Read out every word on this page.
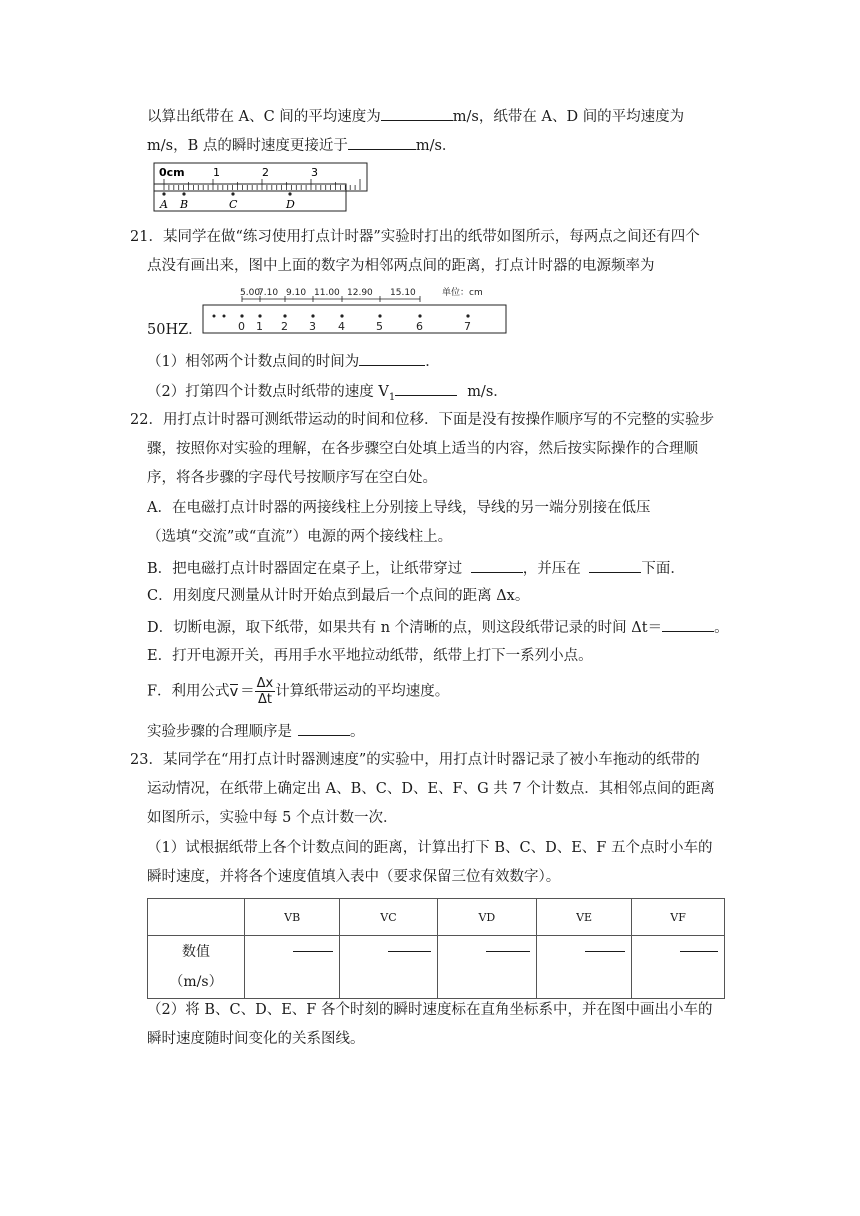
以算出纸带在 A、C 间的平均速度为	m/s，纸带在 A、D 间的平均速度为
m/s，B 点的瞬时速度更接近于	m/s．
0cm	1	2	3
A B	C	D
21．某同学在做“练习使用打点计时器”实验时打出的纸带如图所示，每两点之间还有四个
点没有画出来，图中上面的数字为相邻两点间的距离，打点计时器的电源频率为
50HZ．
5.00
7.10 9.10 11.00 12.90 15.10	单位：cm
0 1 2 3 4	5	6	7
（1）相邻两个计数点间的时间为	．
（2）打第四个计数点时纸带的速度 $V_1$	m/s．
22．用打点计时器可测纸带运动的时间和位移．下面是没有按操作顺序写的不完整的实验步
骤，按照你对实验的理解，在各步骤空白处填上适当的内容，然后按实际操作的合理顺
序，将各步骤的字母代号按顺序写在空白处。
A．在电磁打点计时器的两接线柱上分别接上导线，导线的另一端分别接在低压
（选填“交流”或“直流”）电源的两个接线柱上。
B．把电磁打点计时器固定在桌子上，让纸带穿过	，并压在	下面．
C．用刻度尺测量从计时开始点到最后一个点间的距离 Δx。
D．切断电源，取下纸带，如果共有 n 个清晰的点，则这段纸带记录的时间 Δt＝	。
E．打开电源开关，再用手水平地拉动纸带，纸带上打下一系列小点。
F．利用公式$v = \frac{\Delta x}{\Delta t}$ 计算纸带运动的平均速度。
实验步骤的合理顺序是	。
23．某同学在“用打点计时器测速度”的实验中，用打点计时器记录了被小车拖动的纸带的
运动情况，在纸带上确定出 A、B、C、D、E、F、G 共 7 个计数点．其相邻点间的距离
如图所示，实验中每 5 个点计数一次．
（1）试根据纸带上各个计数点间的距离，计算出打下 B、C、D、E、F 五个点时小车的
瞬时速度，并将各个速度值填入表中（要求保留三位有效数字）。
	VB	VC	VD	VE	VF

数值
（m/s）					

（2）将 B、C、D、E、F 各个时刻的瞬时速度标在直角坐标系中，并在图中画出小车的
瞬时速度随时间变化的关系图线。
